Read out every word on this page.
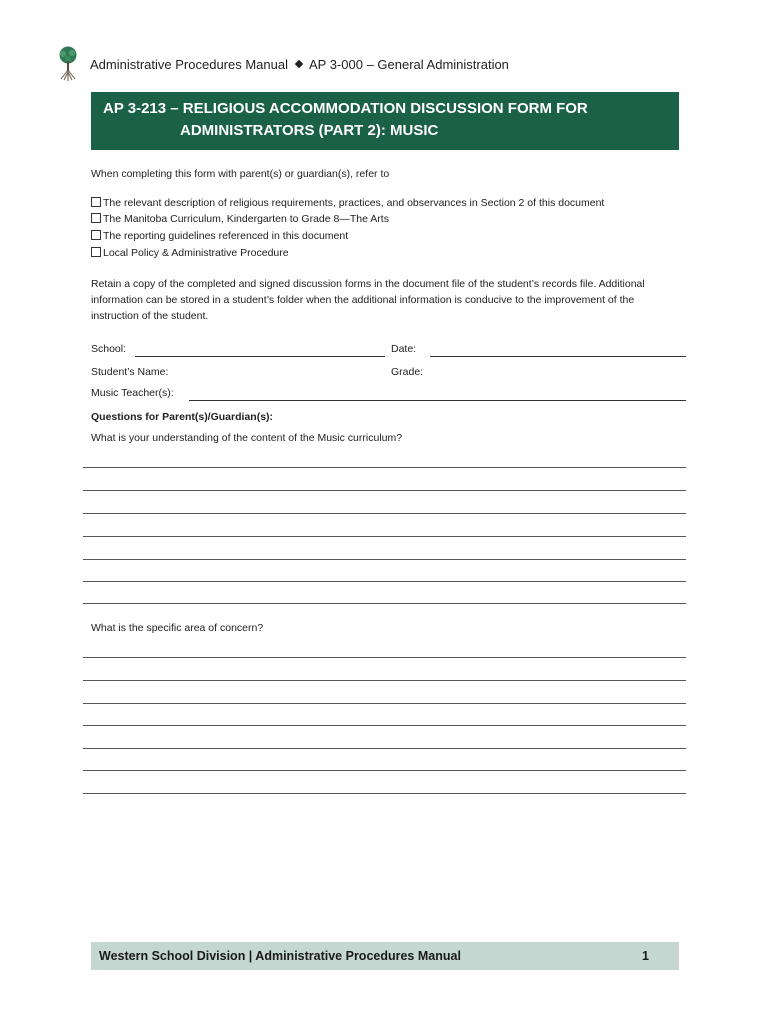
Administrative Procedures Manual AP 3-000 – General Administration
AP 3-213 – RELIGIOUS ACCOMMODATION DISCUSSION FORM FOR
ADMINISTRATORS (PART 2): MUSIC
When completing this form with parent(s) or guardian(s), refer to
The relevant description of religious requirements, practices, and observances in Section 2 of this document
The Manitoba Curriculum, Kindergarten to Grade 8—The Arts
The reporting guidelines referenced in this document
Local Policy & Administrative Procedure
Retain a copy of the completed and signed discussion forms in the document file of the student’s records file. Additional information can be stored in a student’s folder when the additional information is conducive to the improvement of the instruction of the student.
School:	Date:
Student’s Name:	Grade:
Music Teacher(s):
Questions for Parent(s)/Guardian(s):
What is your understanding of the content of the Music curriculum?
What is the specific area of concern?
Western School Division | Administrative Procedures Manual	1
